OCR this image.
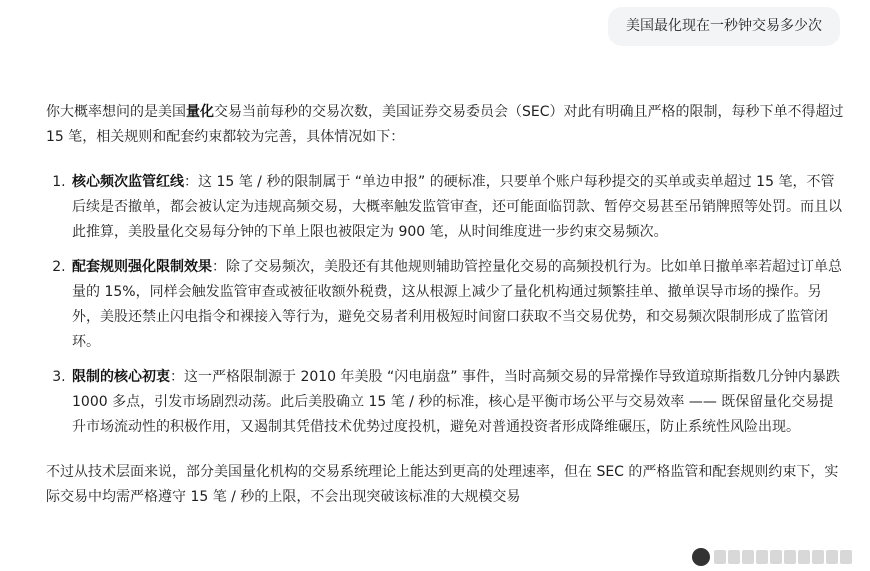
美国最化现在一秒钟交易多少次

你大概率想问的是美国量化交易当前每秒的交易次数，美国证券交易委员会（SEC）对此有明确且严格的限制，每秒下单不得超过 15 笔，相关规则和配套约束都较为完善，具体情况如下：

1. 核心频次监管红线：这 15 笔 / 秒的限制属于 “单边申报” 的硬标准，只要单个账户每秒提交的买单或卖单超过 15 笔，不管后续是否撤单，都会被认定为违规高频交易，大概率触发监管审查，还可能面临罚款、暂停交易甚至吊销牌照等处罚。而且以此推算，美股量化交易每分钟的下单上限也被限定为 900 笔，从时间维度进一步约束交易频次。
2. 配套规则强化限制效果：除了交易频次，美股还有其他规则辅助管控量化交易的高频投机行为。比如单日撤单率若超过订单总量的 15%，同样会触发监管审查或被征收额外税费，这从根源上减少了量化机构通过频繁挂单、撤单误导市场的操作。另外，美股还禁止闪电指令和裸接入等行为，避免交易者利用极短时间窗口获取不当交易优势，和交易频次限制形成了监管闭环。
3. 限制的核心初衷：这一严格限制源于 2010 年美股 “闪电崩盘” 事件，当时高频交易的异常操作导致道琼斯指数几分钟内暴跌 1000 多点，引发市场剧烈动荡。此后美股确立 15 笔 / 秒的标准，核心是平衡市场公平与交易效率 —— 既保留量化交易提升市场流动性的积极作用，又遏制其凭借技术优势过度投机，避免对普通投资者形成降维碾压，防止系统性风险出现。

不过从技术层面来说，部分美国量化机构的交易系统理论上能达到更高的处理速率，但在 SEC 的严格监管和配套规则约束下，实际交易中均需严格遵守 15 笔 / 秒的上限，不会出现突破该标准的大规模交易
